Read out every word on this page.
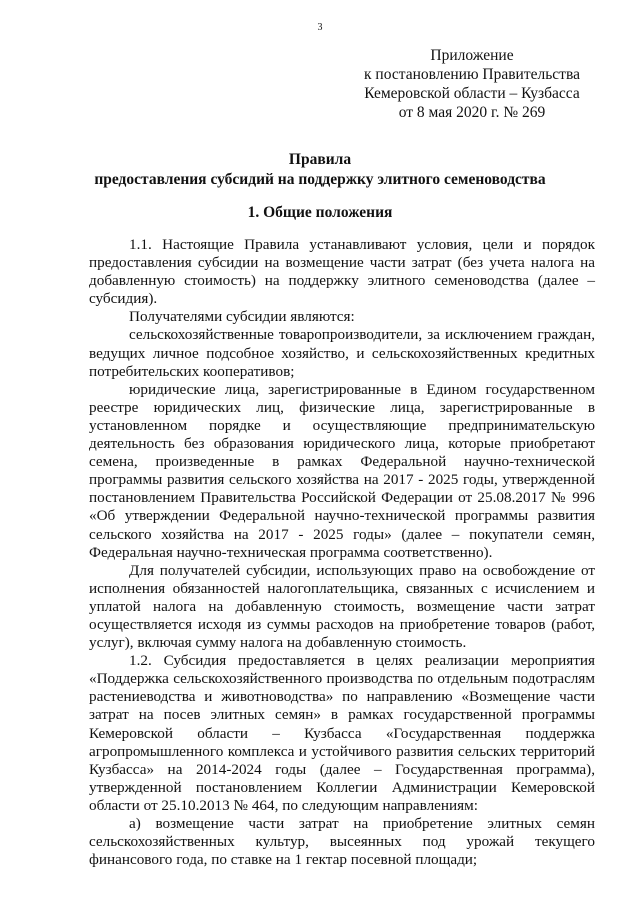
3
Приложение
к постановлению Правительства
Кемеровской области – Кузбасса
от 8 мая 2020 г. № 269
Правила
предоставления субсидий на поддержку элитного семеноводства
1. Общие положения

1.1. Настоящие Правила устанавливают условия, цели и порядок предоставления субсидии на возмещение части затрат (без учета налога на добавленную стоимость) на поддержку элитного семеноводства (далее – субсидия).

Получателями субсидии являются:

сельскохозяйственные товаропроизводители, за исключением граждан, ведущих личное подсобное хозяйство, и сельскохозяйственных кредитных потребительских кооперативов;

юридические лица, зарегистрированные в Едином государственном реестре юридических лиц, физические лица, зарегистрированные в установленном порядке и осуществляющие предпринимательскую деятельность без образования юридического лица, которые приобретают семена, произведенные в рамках Федеральной научно-технической программы развития сельского хозяйства на 2017 - 2025 годы, утвержденной постановлением Правительства Российской Федерации от 25.08.2017 № 996 «Об утверждении Федеральной научно-технической программы развития сельского хозяйства на 2017 - 2025 годы» (далее – покупатели семян, Федеральная научно-техническая программа соответственно).

Для получателей субсидии, использующих право на освобождение от исполнения обязанностей налогоплательщика, связанных с исчислением и уплатой налога на добавленную стоимость, возмещение части затрат осуществляется исходя из суммы расходов на приобретение товаров (работ, услуг), включая сумму налога на добавленную стоимость.

1.2. Субсидия предоставляется в целях реализации мероприятия «Поддержка сельскохозяйственного производства по отдельным подотраслям растениеводства и животноводства» по направлению «Возмещение части затрат на посев элитных семян» в рамках государственной программы Кемеровской области – Кузбасса «Государственная поддержка агропромышленного комплекса и устойчивого развития сельских территорий Кузбасса» на 2014-2024 годы (далее – Государственная программа), утвержденной постановлением Коллегии Администрации Кемеровской области от 25.10.2013 № 464, по следующим направлениям:

а) возмещение части затрат на приобретение элитных семян сельскохозяйственных культур, высеянных под урожай текущего финансового года, по ставке на 1 гектар посевной площади;
